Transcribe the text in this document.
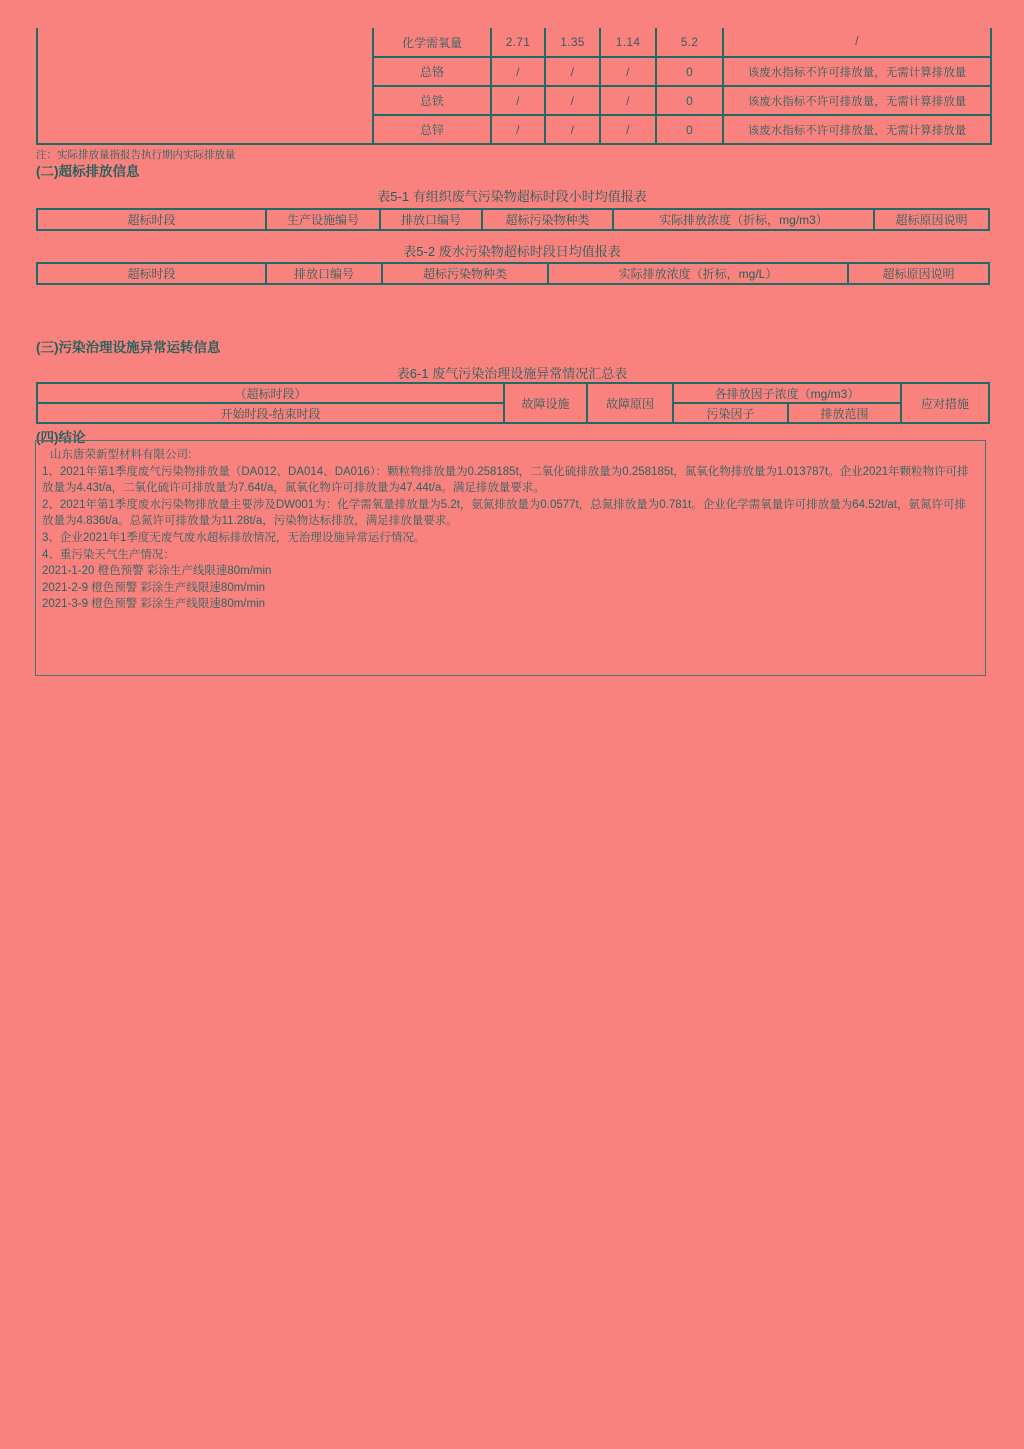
	化学需氧量	2.71	1.35	1.14	5.2	/
	总铬	/	/	/	0	该废水指标不许可排放量，无需计算排放量
	总铁	/	/	/	0	该废水指标不许可排放量，无需计算排放量
	总锌	/	/	/	0	该废水指标不许可排放量，无需计算排放量
注：实际排放量指报告执行期内实际排放量
(二)超标排放信息
表5-1 有组织废气污染物超标时段小时均值报表
超标时段	生产设施编号	排放口编号	超标污染物种类	实际排放浓度（折标，mg/m3）	超标原因说明
表5-2 废水污染物超标时段日均值报表
超标时段	排放口编号	超标污染物种类	实际排放浓度（折标，mg/L）	超标原因说明
(三)污染治理设施异常运转信息
表6-1 废气污染治理设施异常情况汇总表
（超标时段）	故障设施	故障原因	各排放因子浓度（mg/m3）		应对措施
开始时段-结束时段			污染因子	排放范围	
(四)结论
山东唐荣新型材料有限公司:
1、2021年第1季度废气污染物排放量（DA012、DA014、DA016）：颗粒物排放量为0.258185t，二氧化硫排放量为0.258185t，氮氧化物排放量为1.013787t。企业2021年颗粒物许可排放量为4.43t/a，二氧化硫许可排放量为7.64t/a，氮氧化物许可排放量为47.44t/a。满足排放量要求。
2、2021年第1季度废水污染物排放量主要涉及DW001为：化学需氧量排放量为5.2t，氨氮排放量为0.0577t，总氮排放量为0.781t。企业化学需氧量许可排放量为64.52t/at，氨氮许可排放量为4.836t/a。总氮许可排放量为11.28t/a，污染物达标排放，满足排放量要求。
3、企业2021年1季度无废气废水超标排放情况，无治理设施异常运行情况。
4、重污染天气生产情况：
2021-1-20 橙色预警 彩涂生产线限速80m/min
2021-2-9 橙色预警 彩涂生产线限速80m/min
2021-3-9 橙色预警 彩涂生产线限速80m/min
